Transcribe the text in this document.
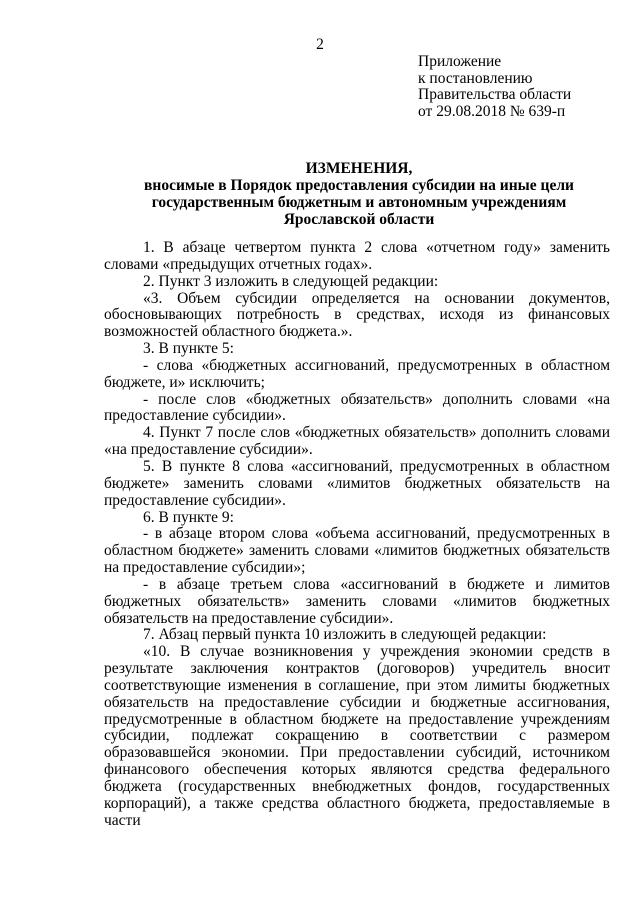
2
Приложение
к постановлению
Правительства области
от 29.08.2018 № 639-п
ИЗМЕНЕНИЯ,
вносимые в Порядок предоставления субсидии на иные цели
государственным бюджетным и автономным учреждениям
Ярославской области

1. В абзаце четвертом пункта 2 слова «отчетном году» заменить словами «предыдущих отчетных годах».

2. Пункт 3 изложить в следующей редакции:

«3. Объем субсидии определяется на основании документов, обосновывающих потребность в средствах, исходя из финансовых возможностей областного бюджета.».

3. В пункте 5:

- слова «бюджетных ассигнований, предусмотренных в областном бюджете, и» исключить;

- после слов «бюджетных обязательств» дополнить словами «на предоставление субсидии».

4. Пункт 7 после слов «бюджетных обязательств» дополнить словами «на предоставление субсидии».

5. В пункте 8 слова «ассигнований, предусмотренных в областном бюджете» заменить словами «лимитов бюджетных обязательств на предоставление субсидии».

6. В пункте 9:

- в абзаце втором слова «объема ассигнований, предусмотренных в областном бюджете» заменить словами «лимитов бюджетных обязательств на предоставление субсидии»;

- в абзаце третьем слова «ассигнований в бюджете и лимитов бюджетных обязательств» заменить словами «лимитов бюджетных обязательств на предоставление субсидии».

7. Абзац первый пункта 10 изложить в следующей редакции:

«10. В случае возникновения у учреждения экономии средств в результате заключения контрактов (договоров) учредитель вносит соответствующие изменения в соглашение, при этом лимиты бюджетных обязательств на предоставление субсидии и бюджетные ассигнования, предусмотренные в областном бюджете на предоставление учреждениям субсидии, подлежат сокращению в соответствии с размером образовавшейся экономии. При предоставлении субсидий, источником финансового обеспечения которых являются средства федерального бюджета (государственных внебюджетных фондов, государственных корпораций), а также средства областного бюджета, предоставляемые в части
